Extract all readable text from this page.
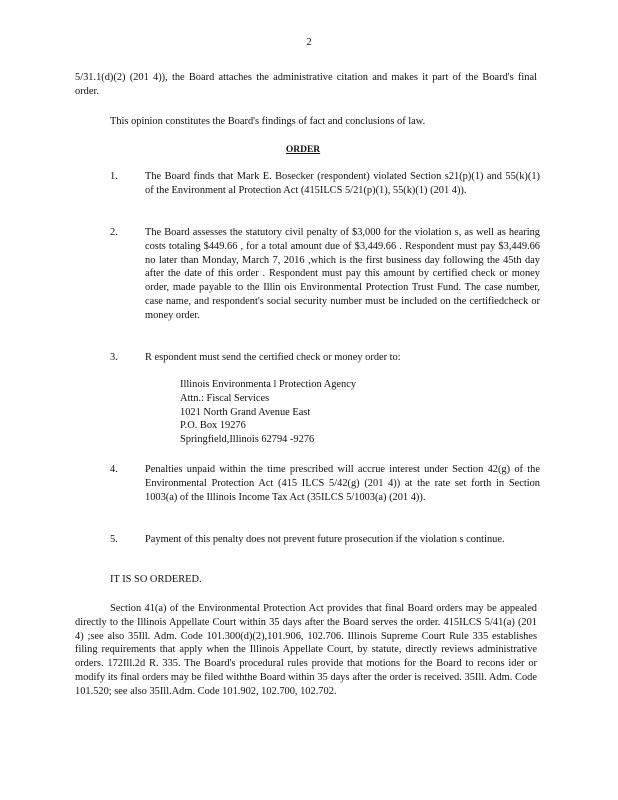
2

5/31.1(d)(2) (201 4)), the Board attaches the administrative citation and makes it part of the Board's final order.

This opinion constitutes the Board's findings of fact and conclusions of law.

ORDER
1.	The Board finds that Mark E. Bosecker (respondent) violated Section s21(p)(1) and 55(k)(1) of the Environment al Protection Act (415ILCS 5/21(p)(1), 55(k)(1) (201 4)).

2.	The Board assesses the statutory civil penalty of $3,000 for the violation s, as well as hearing costs totaling $449.66 , for a total amount due of $3,449.66 . Respondent must pay $3,449.66 no later than Monday, March 7, 2016 ,which is the first business day following the 45th day after the date of this order . Respondent must pay this amount by certified check or money order, made payable to the Illin ois Environmental Protection Trust Fund. The case number, case name, and respondent's social security number must be included on the certifiedcheck or money order.

3.	R espondent must send the certified check or money order to:

Illinois Environmenta l Protection Agency
Attn.: Fiscal Services
1021 North Grand Avenue East
P.O. Box 19276
Springfield,Illinois 62794 -9276
4.	Penalties unpaid within the time prescribed will accrue interest under Section 42(g) of the Environmental Protection Act (415 ILCS 5/42(g) (201 4)) at the rate set forth in Section 1003(a) of the Illinois Income Tax Act (35ILCS 5/1003(a) (201 4)).

5.	Payment of this penalty does not prevent future prosecution if the violation s continue.

IT IS SO ORDERED.

Section 41(a) of the Environmental Protection Act provides that final Board orders may be appealed directly to the Illinois Appellate Court within 35 days after the Board serves the order. 415ILCS 5/41(a) (201 4) ;see also 35Ill. Adm. Code 101.300(d)(2),101.906, 102.706. Illinois Supreme Court Rule 335 establishes filing requirements that apply when the Illinois Appellate Court, by statute, directly reviews administrative orders. 172Ill.2d R. 335. The Board's procedural rules provide that motions for the Board to recons ider or modify its final orders may be filed withthe Board within 35 days after the order is received. 35Ill. Adm. Code 101.520; see also 35Ill.Adm. Code 101.902, 102.700, 102.702.
